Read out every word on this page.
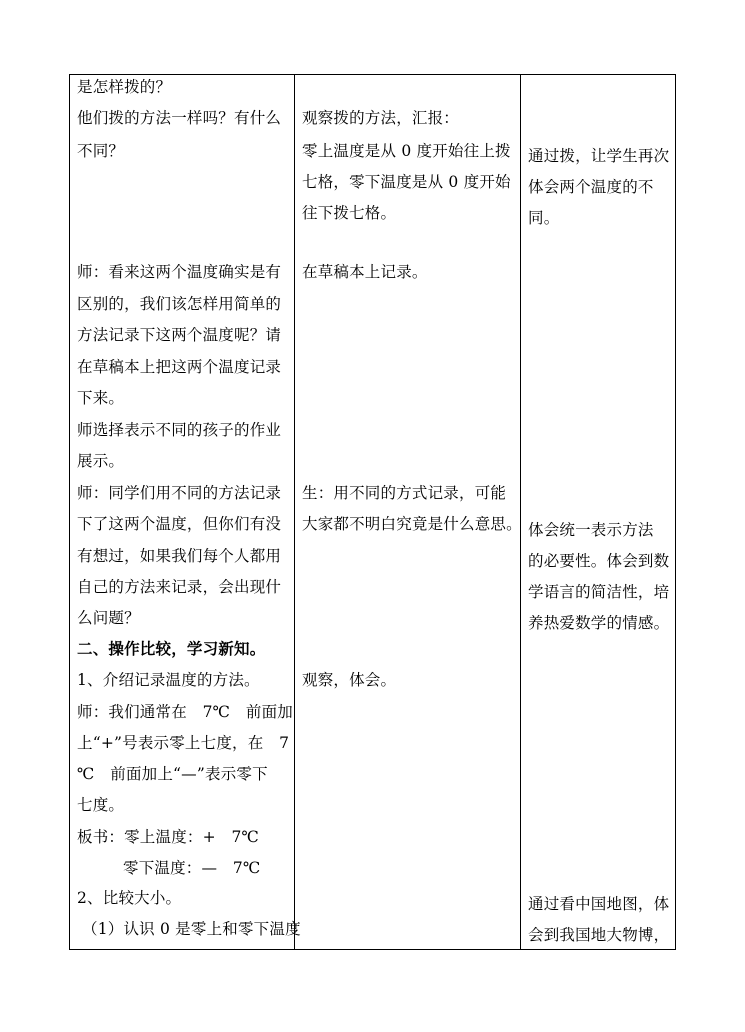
是怎样拨的？
他们拨的方法一样吗？有什么
不同？
师：看来这两个温度确实是有
区别的，我们该怎样用简单的
方法记录下这两个温度呢？请
在草稿本上把这两个温度记录
下来。
师选择表示不同的孩子的作业
展示。
师：同学们用不同的方法记录
下了这两个温度，但你们有没
有想过，如果我们每个人都用
自己的方法来记录，会出现什
么问题？
二、操作比较，学习新知。
1、介绍记录温度的方法。
师：我们通常在　7℃　前面加
上“+”号表示零上七度，在　7
℃　前面加上“—”表示零下
七度。
板书：零上温度：+　7℃
零下温度：—　7℃
2、比较大小。
（1）认识 0 是零上和零下温度
观察拨的方法，汇报：
零上温度是从 0 度开始往上拨
七格，零下温度是从 0 度开始
往下拨七格。
在草稿本上记录。
生：用不同的方式记录，可能
大家都不明白究竟是什么意思。
观察，体会。
通过拨，让学生再次
体会两个温度的不
同。
体会统一表示方法
的必要性。体会到数
学语言的简洁性，培
养热爱数学的情感。
通过看中国地图，体
会到我国地大物博，
